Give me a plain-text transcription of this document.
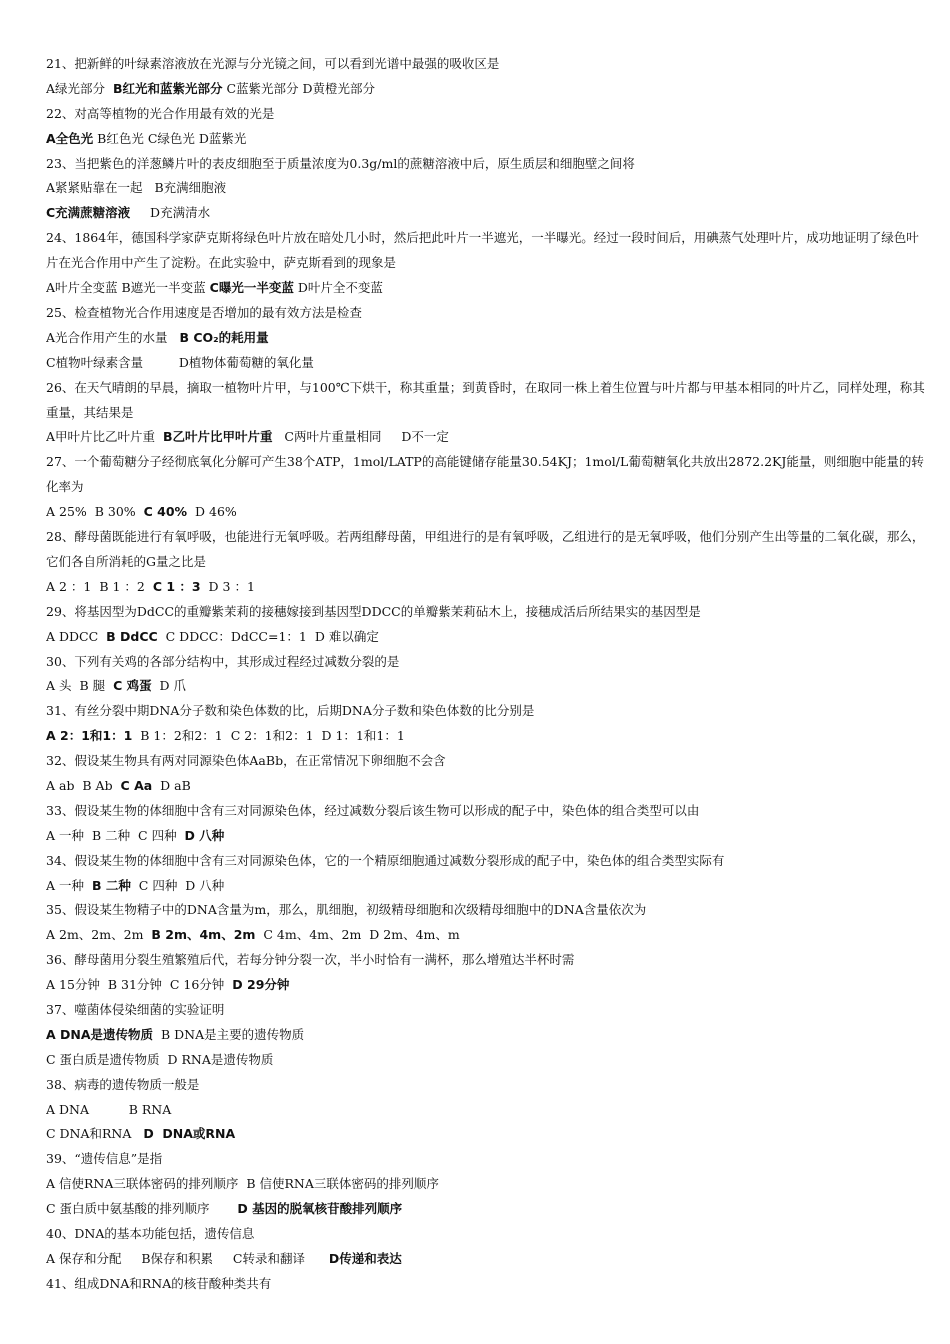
21、把新鲜的叶绿素溶液放在光源与分光镜之间，可以看到光谱中最强的吸收区是
A绿光部分  B红光和蓝紫光部分 C蓝紫光部分 D黄橙光部分
22、对高等植物的光合作用最有效的光是
A全色光 B红色光 C绿色光 D蓝紫光
23、当把紫色的洋葱鳞片叶的表皮细胞至于质量浓度为0.3g/ml的蔗糖溶液中后，原生质层和细胞壁之间将
A紧紧贴靠在一起   B充满细胞液
C充满蔗糖溶液     D充满清水
24、1864年，德国科学家萨克斯将绿色叶片放在暗处几小时，然后把此叶片一半遮光，一半曝光。经过一段时间后，用碘蒸气处理叶片，成功地证明了绿色叶片在光合作用中产生了淀粉。在此实验中，萨克斯看到的现象是
A叶片全变蓝 B遮光一半变蓝 C曝光一半变蓝 D叶片全不变蓝
25、检查植物光合作用速度是否增加的最有效方法是检查
A光合作用产生的水量   B CO₂的耗用量
C植物叶绿素含量         D植物体葡萄糖的氧化量
26、在天气晴朗的早晨，摘取一植物叶片甲，与100℃下烘干，称其重量；到黄昏时，在取同一株上着生位置与叶片都与甲基本相同的叶片乙，同样处理，称其重量，其结果是
A甲叶片比乙叶片重  B乙叶片比甲叶片重   C两叶片重量相同     D不一定
27、一个葡萄糖分子经彻底氧化分解可产生38个ATP，1mol/LATP的高能键储存能量30.54KJ；1mol/L葡萄糖氧化共放出2872.2KJ能量，则细胞中能量的转化率为
A 25%  B 30%  C 40%  D 46%
28、酵母菌既能进行有氧呼吸，也能进行无氧呼吸。若两组酵母菌，甲组进行的是有氧呼吸，乙组进行的是无氧呼吸，他们分别产生出等量的二氧化碳，那么，它们各自所消耗的G量之比是
A 2 ：1  B 1 ：2  C 1 ：3  D 3 ：1
29、将基因型为DdCC的重瓣紫茉莉的接穗嫁接到基因型DDCC的单瓣紫茉莉砧木上，接穗成活后所结果实的基因型是
A DDCC  B DdCC  C DDCC：DdCC=1：1  D 难以确定
30、下列有关鸡的各部分结构中，其形成过程经过减数分裂的是
A 头  B 腿  C 鸡蛋  D 爪
31、有丝分裂中期DNA分子数和染色体数的比，后期DNA分子数和染色体数的比分别是
A 2：1和1：1  B 1：2和2：1  C 2：1和2：1  D 1：1和1：1
32、假设某生物具有两对同源染色体AaBb，在正常情况下卵细胞不会含
A ab  B Ab  C Aa  D aB
33、假设某生物的体细胞中含有三对同源染色体，经过减数分裂后该生物可以形成的配子中，染色体的组合类型可以由
A 一种  B 二种  C 四种  D 八种
34、假设某生物的体细胞中含有三对同源染色体，它的一个精原细胞通过减数分裂形成的配子中，染色体的组合类型实际有
A 一种  B 二种  C 四种  D 八种
35、假设某生物精子中的DNA含量为m，那么，肌细胞，初级精母细胞和次级精母细胞中的DNA含量依次为
A 2m、2m、2m  B 2m、4m、2m  C 4m、4m、2m  D 2m、4m、m
36、酵母菌用分裂生殖繁殖后代，若每分钟分裂一次，半小时恰有一满杯，那么增殖达半杯时需
A 15分钟  B 31分钟  C 16分钟  D 29分钟
37、噬菌体侵染细菌的实验证明
A DNA是遗传物质  B DNA是主要的遗传物质
C 蛋白质是遗传物质  D RNA是遗传物质
38、病毒的遗传物质一般是
A DNA          B RNA
C DNA和RNA   D  DNA或RNA
39、“遗传信息”是指
A 信使RNA三联体密码的排列顺序  B 信使RNA三联体密码的排列顺序
C 蛋白质中氨基酸的排列顺序       D 基因的脱氧核苷酸排列顺序
40、DNA的基本功能包括，遗传信息
A 保存和分配     B保存和积累     C转录和翻译      D传递和表达
41、组成DNA和RNA的核苷酸种类共有
